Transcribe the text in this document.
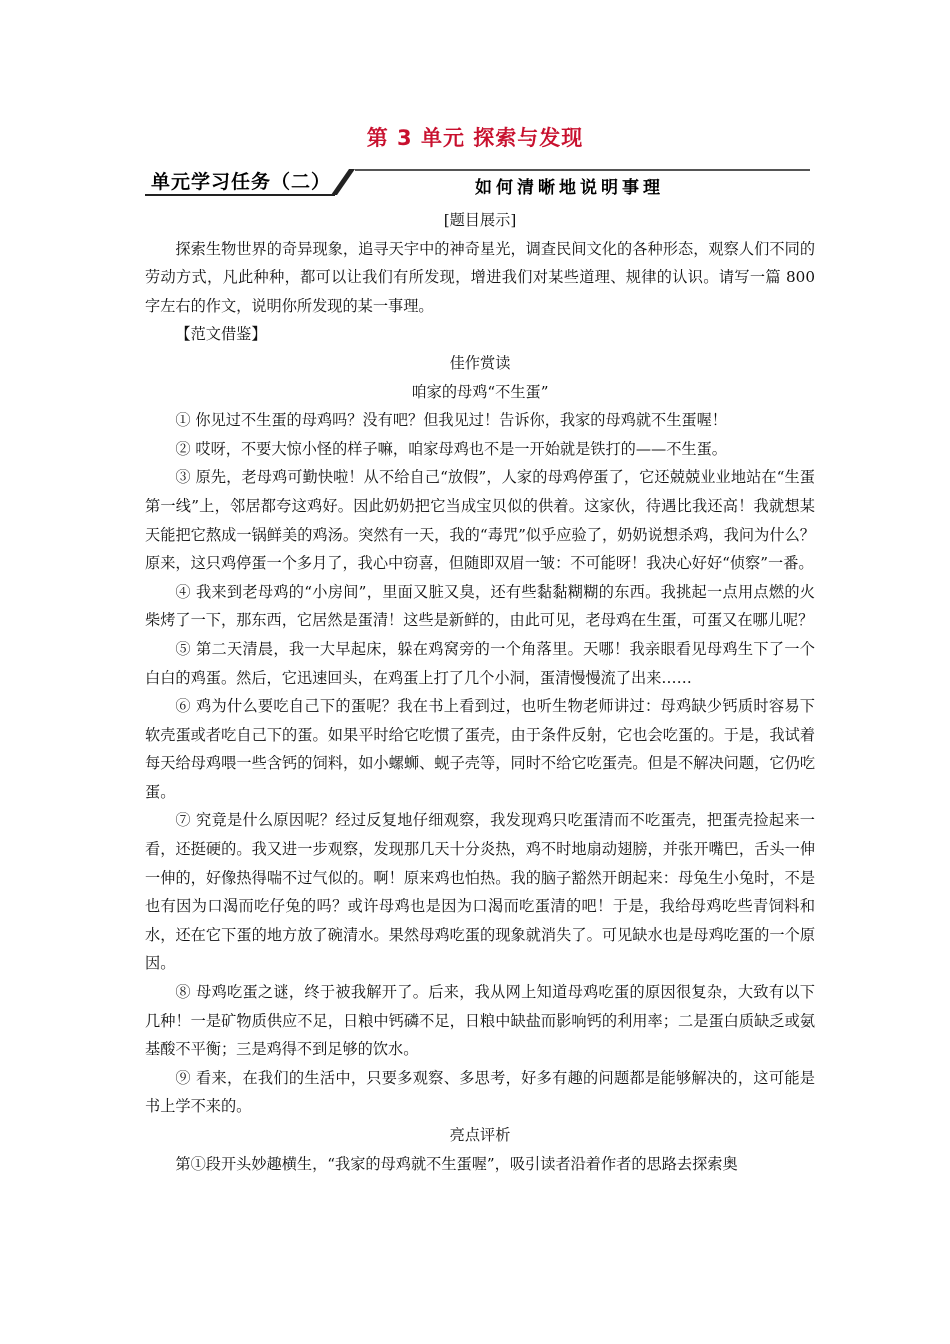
第 3 单元 探索与发现
单元学习任务（二）	如何清晰地说明事理

[题目展示]

探索生物世界的奇异现象，追寻天宇中的神奇星光，调查民间文化的各种形态，观察人们不同的劳动方式，凡此种种，都可以让我们有所发现，增进我们对某些道理、规律的认识。请写一篇 800 字左右的作文，说明你所发现的某一事理。

【范文借鉴】

佳作赏读

咱家的母鸡“不生蛋”

① 你见过不生蛋的母鸡吗？没有吧？但我见过！告诉你，我家的母鸡就不生蛋喔！

② 哎呀，不要大惊小怪的样子嘛，咱家母鸡也不是一开始就是铁打的——不生蛋。

③ 原先，老母鸡可勤快啦！从不给自己“放假”，人家的母鸡停蛋了，它还兢兢业业地站在“生蛋第一线”上，邻居都夸这鸡好。因此奶奶把它当成宝贝似的供着。这家伙，待遇比我还高！我就想某天能把它熬成一锅鲜美的鸡汤。突然有一天，我的“毒咒”似乎应验了，奶奶说想杀鸡，我问为什么？原来，这只鸡停蛋一个多月了，我心中窃喜，但随即双眉一皱：不可能呀！我决心好好“侦察”一番。

④ 我来到老母鸡的“小房间”，里面又脏又臭，还有些黏黏糊糊的东西。我挑起一点用点燃的火柴烤了一下，那东西，它居然是蛋清！这些是新鲜的，由此可见，老母鸡在生蛋，可蛋又在哪儿呢？

⑤ 第二天清晨，我一大早起床，躲在鸡窝旁的一个角落里。天哪！我亲眼看见母鸡生下了一个白白的鸡蛋。然后，它迅速回头，在鸡蛋上打了几个小洞，蛋清慢慢流了出来……

⑥ 鸡为什么要吃自己下的蛋呢？我在书上看到过，也听生物老师讲过：母鸡缺少钙质时容易下软壳蛋或者吃自己下的蛋。如果平时给它吃惯了蛋壳，由于条件反射，它也会吃蛋的。于是，我试着每天给母鸡喂一些含钙的饲料，如小螺蛳、蚬子壳等，同时不给它吃蛋壳。但是不解决问题，它仍吃蛋。

⑦ 究竟是什么原因呢？经过反复地仔细观察，我发现鸡只吃蛋清而不吃蛋壳，把蛋壳捡起来一看，还挺硬的。我又进一步观察，发现那几天十分炎热，鸡不时地扇动翅膀，并张开嘴巴，舌头一伸一伸的，好像热得喘不过气似的。啊！原来鸡也怕热。我的脑子豁然开朗起来：母兔生小兔时，不是也有因为口渴而吃仔兔的吗？或许母鸡也是因为口渴而吃蛋清的吧！于是，我给母鸡吃些青饲料和水，还在它下蛋的地方放了碗清水。果然母鸡吃蛋的现象就消失了。可见缺水也是母鸡吃蛋的一个原因。

⑧ 母鸡吃蛋之谜，终于被我解开了。后来，我从网上知道母鸡吃蛋的原因很复杂，大致有以下几种！一是矿物质供应不足，日粮中钙磷不足，日粮中缺盐而影响钙的利用率；二是蛋白质缺乏或氨基酸不平衡；三是鸡得不到足够的饮水。

⑨ 看来，在我们的生活中，只要多观察、多思考，好多有趣的问题都是能够解决的，这可能是书上学不来的。

亮点评析

第①段开头妙趣横生，“我家的母鸡就不生蛋喔”，吸引读者沿着作者的思路去探索奥
